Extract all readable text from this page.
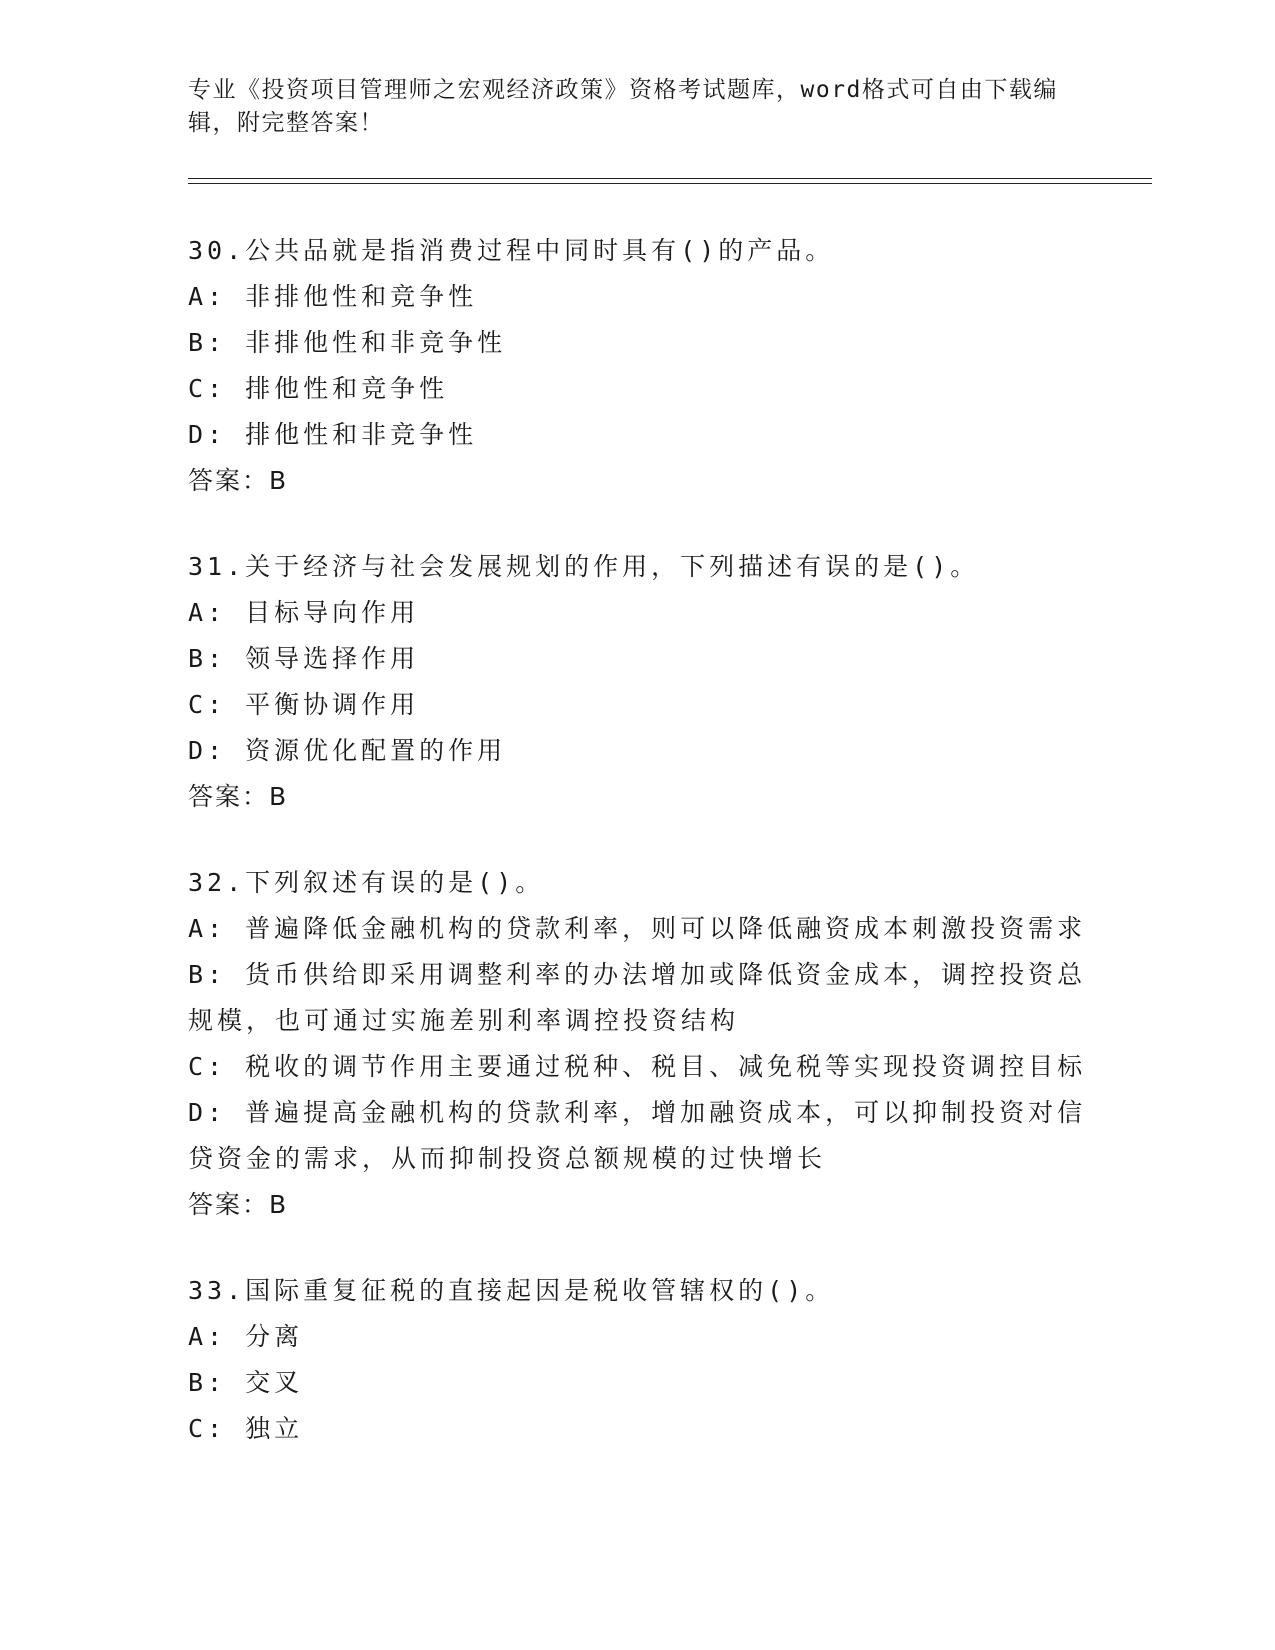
专业《投资项目管理师之宏观经济政策》资格考试题库，word格式可自由下载编辑，附完整答案！

30.公共品就是指消费过程中同时具有()的产品。

A: 非排他性和竞争性

B: 非排他性和非竞争性

C: 排他性和竞争性

D: 排他性和非竞争性

答案：B

31.关于经济与社会发展规划的作用，下列描述有误的是()。

A: 目标导向作用

B: 领导选择作用

C: 平衡协调作用

D: 资源优化配置的作用

答案：B

32.下列叙述有误的是()。

A: 普遍降低金融机构的贷款利率，则可以降低融资成本刺激投资需求

B: 货币供给即采用调整利率的办法增加或降低资金成本，调控投资总规模，也可通过实施差别利率调控投资结构

C: 税收的调节作用主要通过税种、税目、减免税等实现投资调控目标

D: 普遍提高金融机构的贷款利率，增加融资成本，可以抑制投资对信贷资金的需求，从而抑制投资总额规模的过快增长

答案：B

33.国际重复征税的直接起因是税收管辖权的()。

A: 分离

B: 交叉

C: 独立
